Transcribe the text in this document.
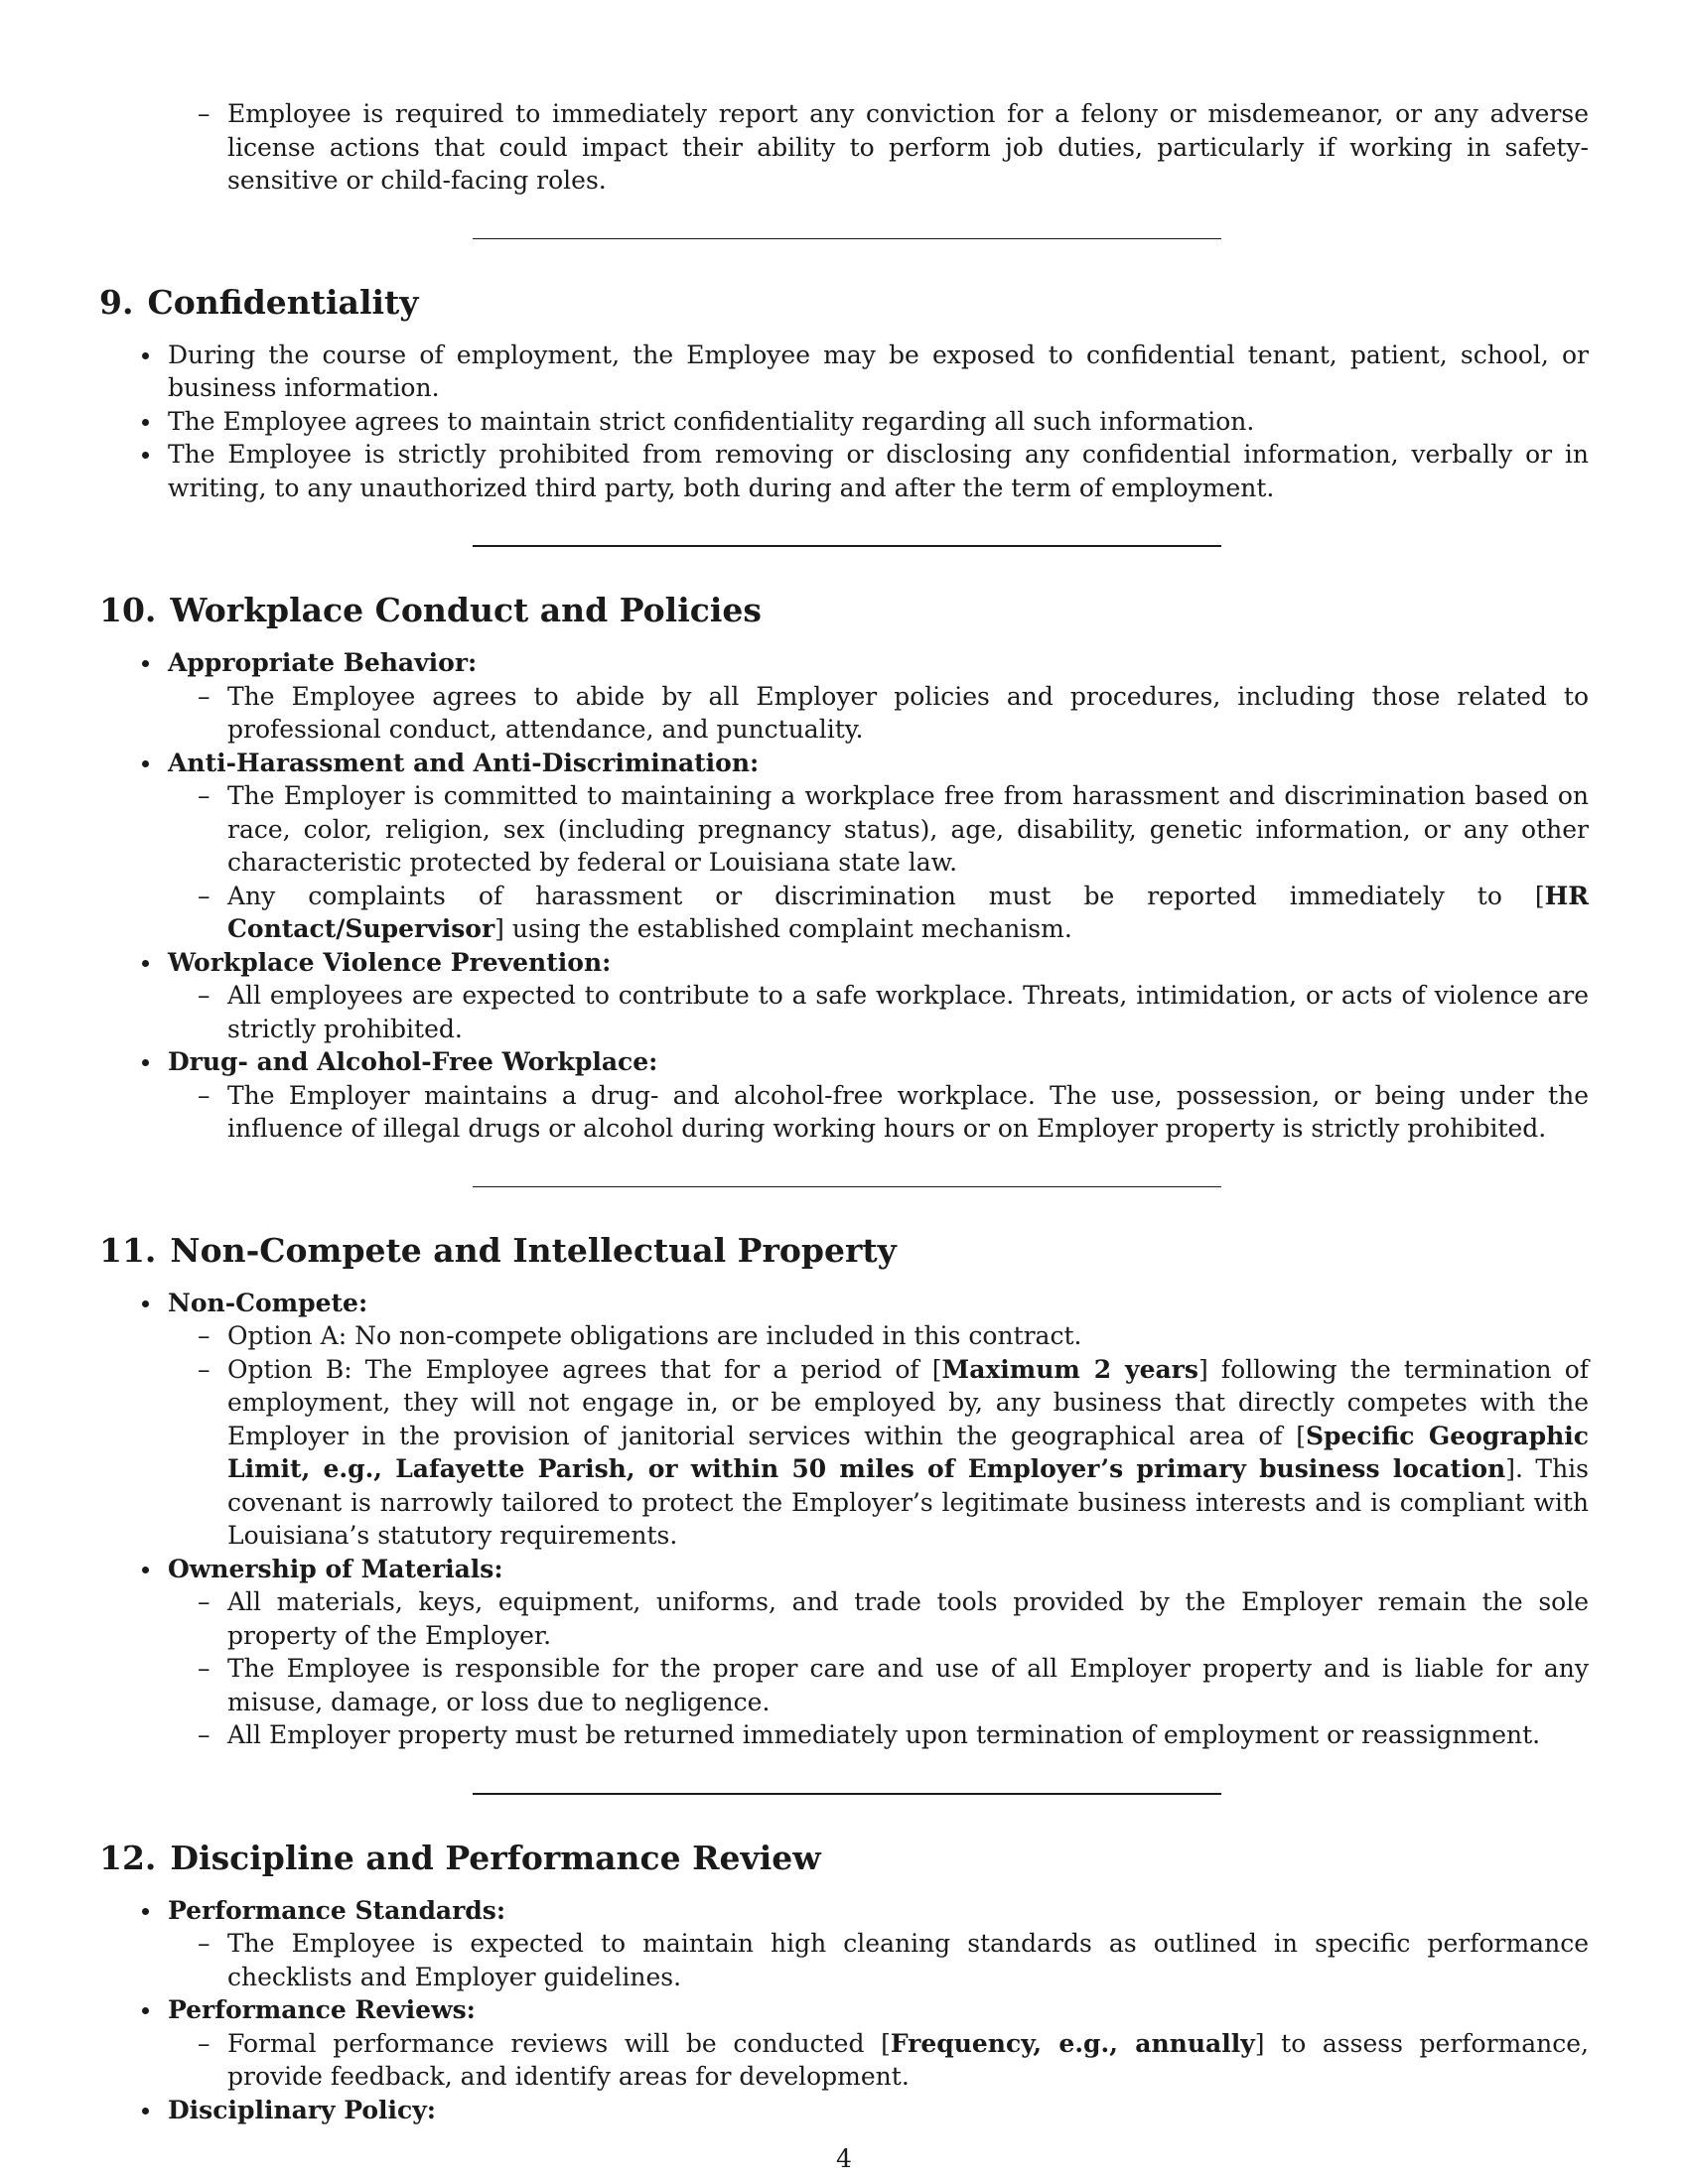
– Employee is required to immediately report any conviction for a felony or misdemeanor, or any adverse license actions that could impact their ability to perform job duties, particularly if working in safety-sensitive or child-facing roles.
9. Confidentiality
During the course of employment, the Employee may be exposed to confidential tenant, patient, school, or business information.
The Employee agrees to maintain strict confidentiality regarding all such information.
The Employee is strictly prohibited from removing or disclosing any confidential information, verbally or in writing, to any unauthorized third party, both during and after the term of employment.
10. Workplace Conduct and Policies
Appropriate Behavior:
– The Employee agrees to abide by all Employer policies and procedures, including those related to professional conduct, attendance, and punctuality.
Anti-Harassment and Anti-Discrimination:
– The Employer is committed to maintaining a workplace free from harassment and discrimination based on race, color, religion, sex (including pregnancy status), age, disability, genetic information, or any other characteristic protected by federal or Louisiana state law.
– Any complaints of harassment or discrimination must be reported immediately to [HR Contact/Supervisor] using the established complaint mechanism.
Workplace Violence Prevention:
– All employees are expected to contribute to a safe workplace. Threats, intimidation, or acts of violence are strictly prohibited.
Drug- and Alcohol-Free Workplace:
– The Employer maintains a drug- and alcohol-free workplace. The use, possession, or being under the influence of illegal drugs or alcohol during working hours or on Employer property is strictly prohibited.
11. Non-Compete and Intellectual Property
Non-Compete:
– Option A: No non-compete obligations are included in this contract.
– Option B: The Employee agrees that for a period of [Maximum 2 years] following the termination of employment, they will not engage in, or be employed by, any business that directly competes with the Employer in the provision of janitorial services within the geographical area of [Specific Geographic Limit, e.g., Lafayette Parish, or within 50 miles of Employer’s primary business location]. This covenant is narrowly tailored to protect the Employer’s legitimate business interests and is compliant with Louisiana’s statutory requirements.
Ownership of Materials:
– All materials, keys, equipment, uniforms, and trade tools provided by the Employer remain the sole property of the Employer.
– The Employee is responsible for the proper care and use of all Employer property and is liable for any misuse, damage, or loss due to negligence.
– All Employer property must be returned immediately upon termination of employment or reassignment.
12. Discipline and Performance Review
Performance Standards:
– The Employee is expected to maintain high cleaning standards as outlined in specific performance checklists and Employer guidelines.
Performance Reviews:
– Formal performance reviews will be conducted [Frequency, e.g., annually] to assess performance, provide feedback, and identify areas for development.
Disciplinary Policy:
4
